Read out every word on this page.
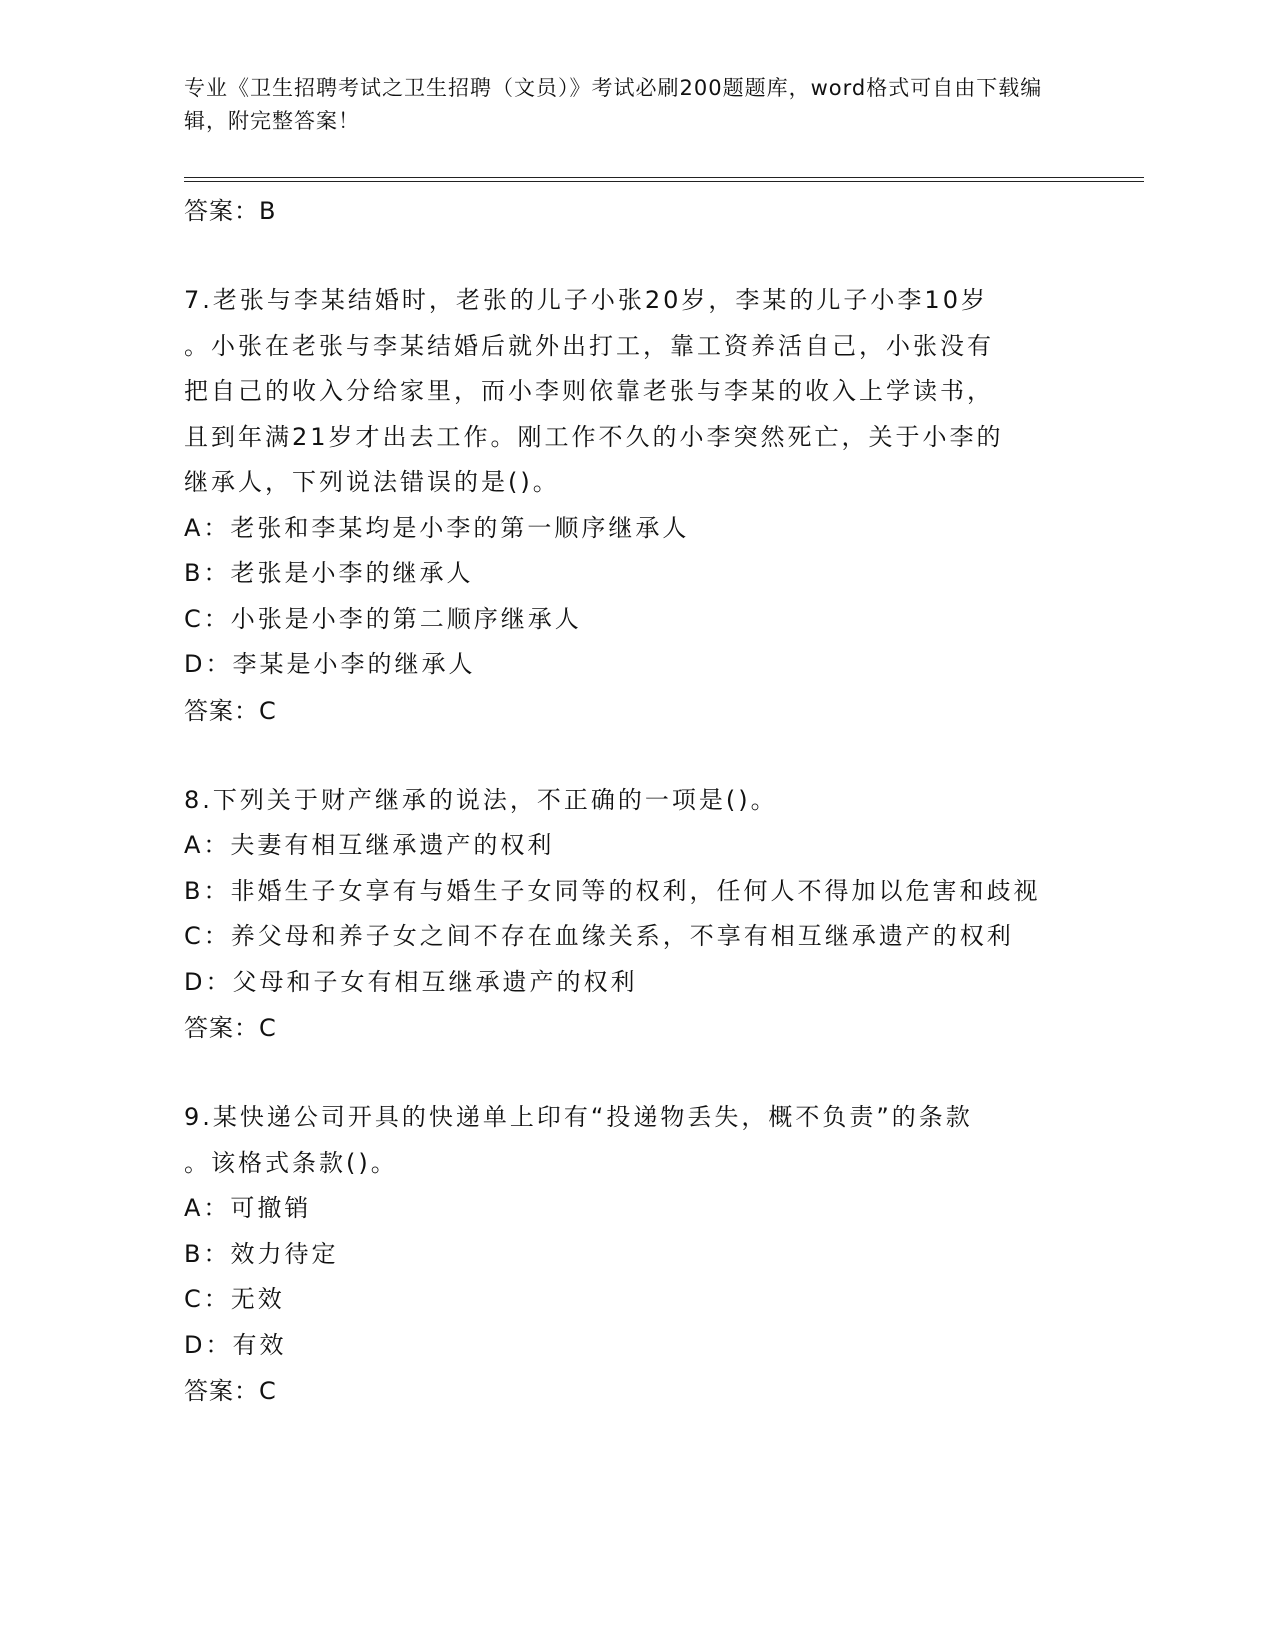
专业《卫生招聘考试之卫生招聘（文员）》考试必刷200题题库，word格式可自由下载编辑，附完整答案！
答案：B
7.老张与李某结婚时，老张的儿子小张20岁，李某的儿子小李10岁
。小张在老张与李某结婚后就外出打工，靠工资养活自己，小张没有
把自己的收入分给家里，而小李则依靠老张与李某的收入上学读书，
且到年满21岁才出去工作。刚工作不久的小李突然死亡，关于小李的
继承人，下列说法错误的是()。
A：老张和李某均是小李的第一顺序继承人
B：老张是小李的继承人
C：小张是小李的第二顺序继承人
D：李某是小李的继承人
答案：C
8.下列关于财产继承的说法，不正确的一项是()。
A：夫妻有相互继承遗产的权利
B：非婚生子女享有与婚生子女同等的权利，任何人不得加以危害和歧视
C：养父母和养子女之间不存在血缘关系，不享有相互继承遗产的权利
D：父母和子女有相互继承遗产的权利
答案：C
9.某快递公司开具的快递单上印有“投递物丢失，概不负责”的条款
。该格式条款()。
A：可撤销
B：效力待定
C：无效
D：有效
答案：C
